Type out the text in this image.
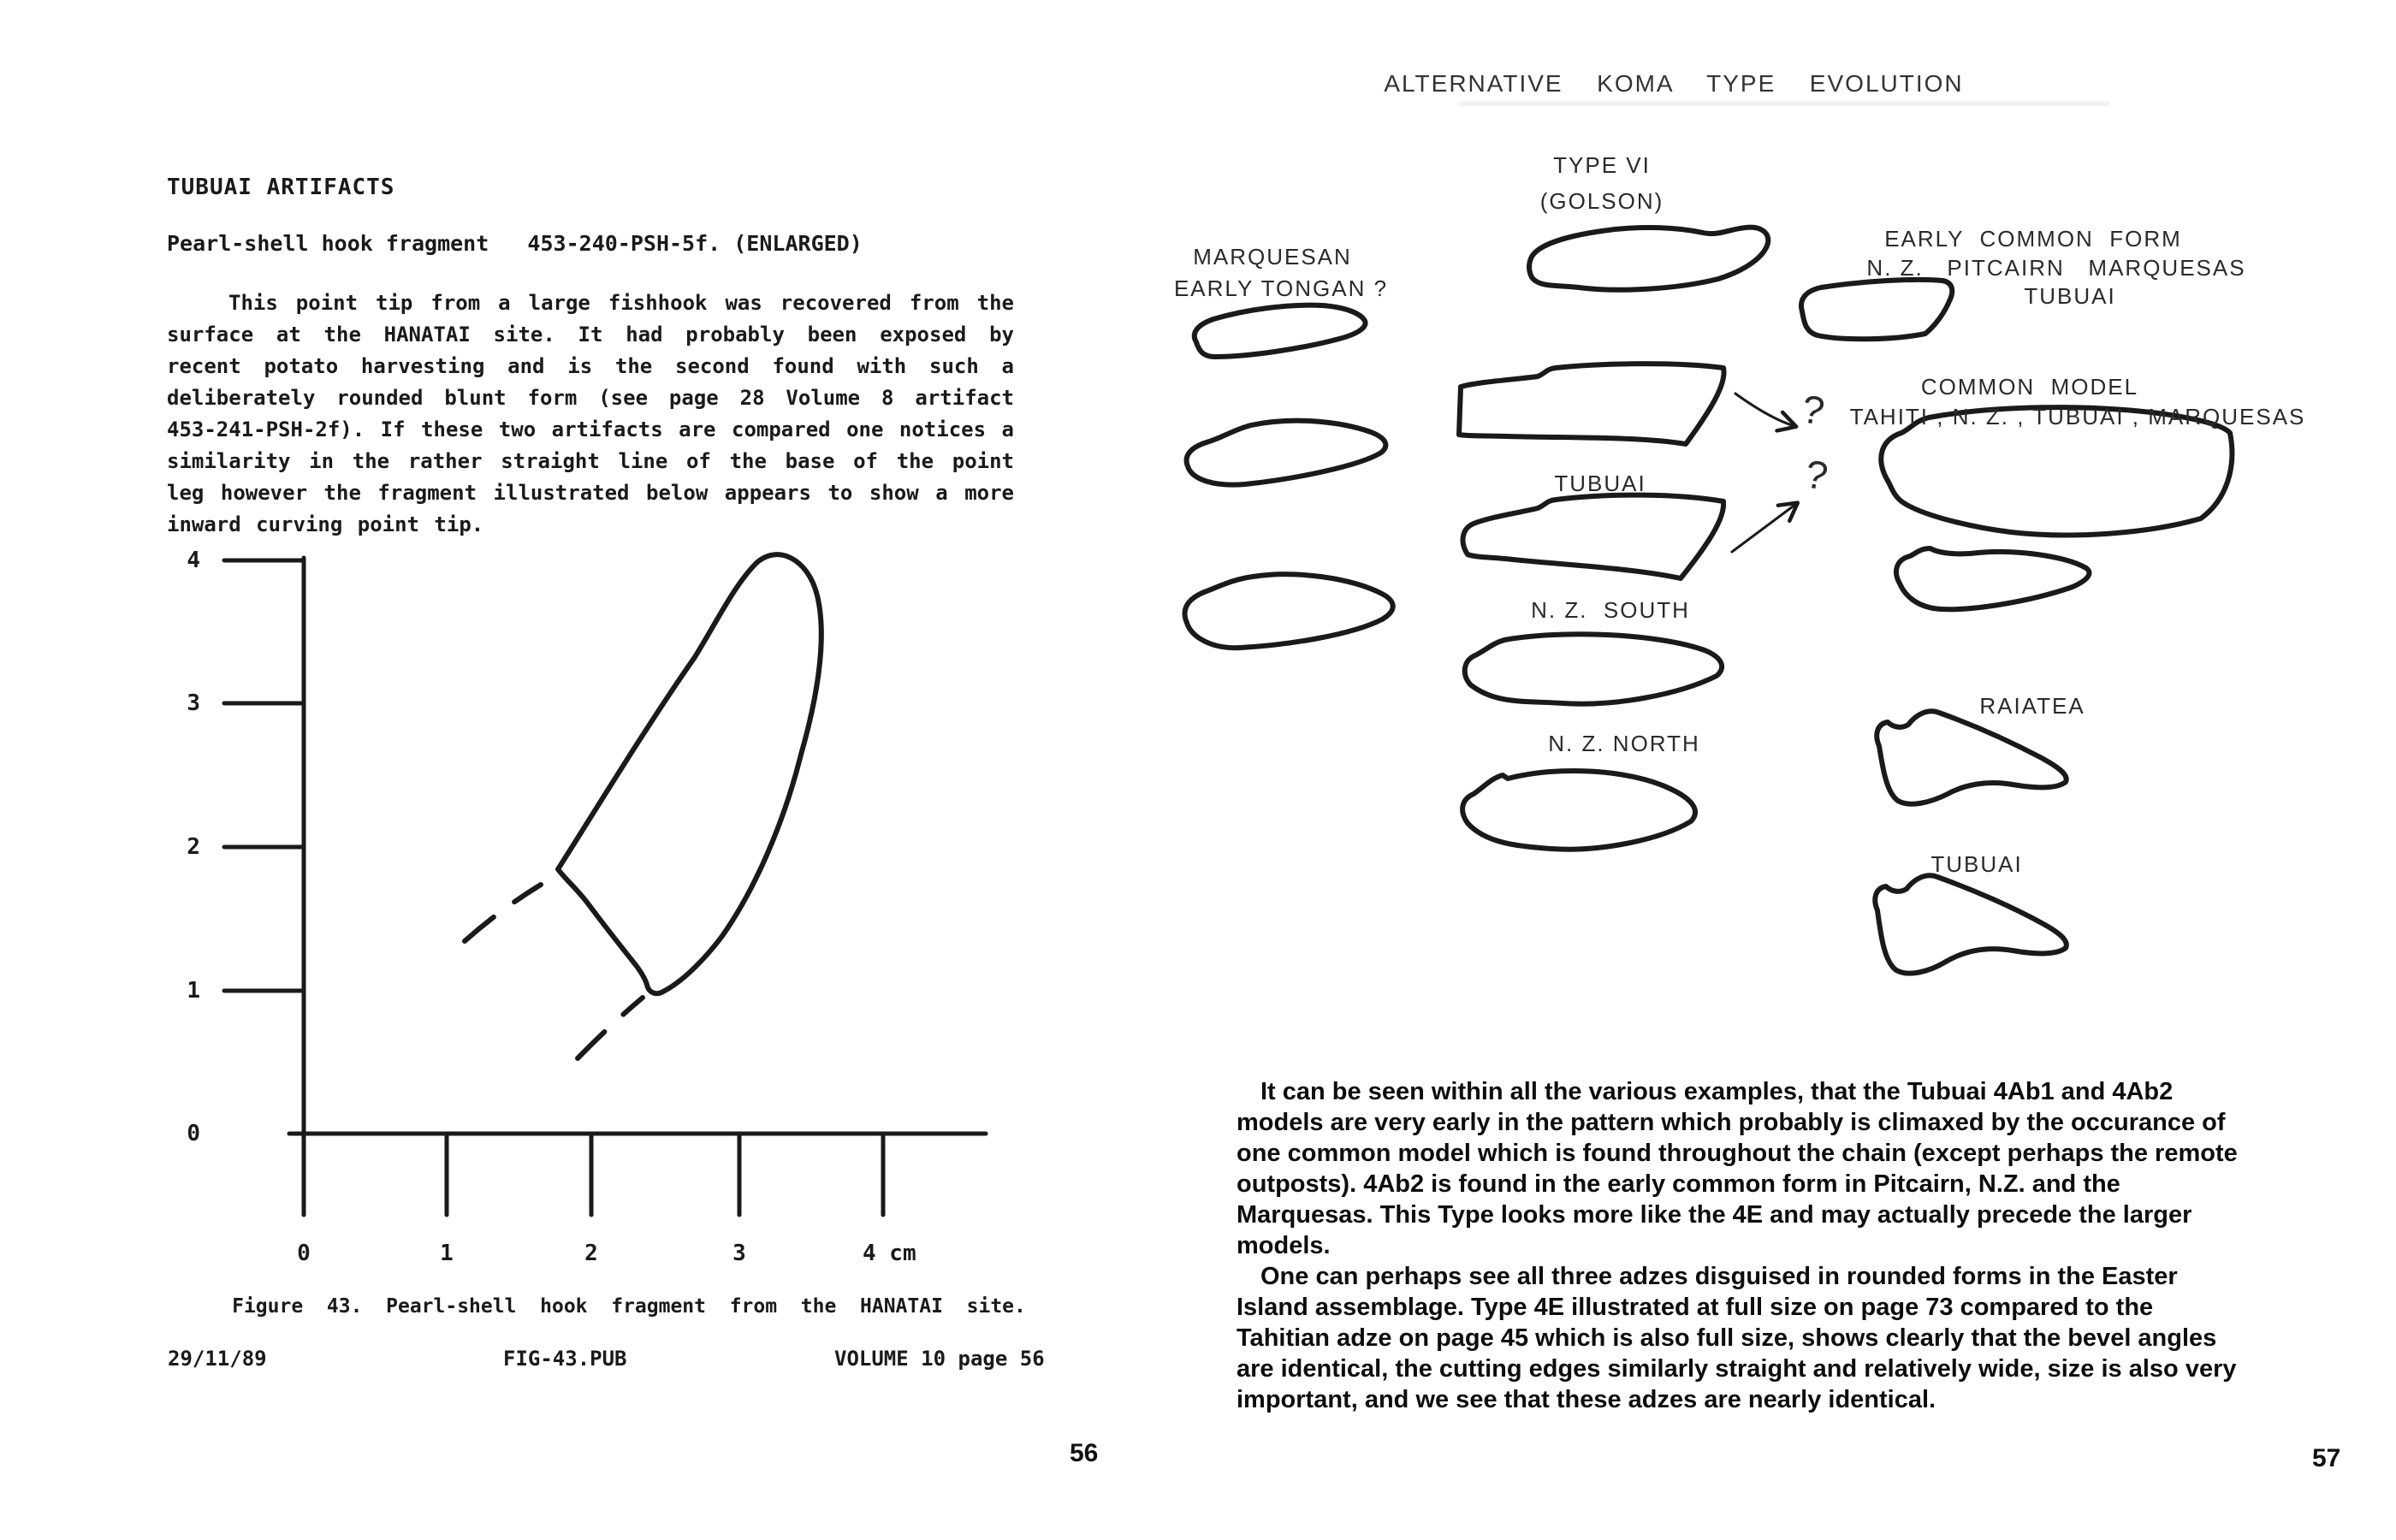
TUBUAI ARTIFACTS
Pearl-shell hook fragment   453-240-PSH-5f. (ENLARGED)
This point tip from a large fishhook was recovered from the surface at the HANATAI site. It had probably been exposed by recent potato harvesting and is the second found with such a deliberately rounded blunt form (see page 28 Volume 8 artifact 453-241-PSH-2f). If these two artifacts are compared one notices a similarity in the rather straight line of the base of the point leg however the fragment illustrated below appears to show a more inward curving point tip.
4
3
2
1
0
0	1	2	3	4 cm
Figure  43.  Pearl-shell  hook  fragment  from  the  HANATAI  site.
29/11/89	FIG-43.PUB	VOLUME 10 page 56
56
ALTERNATIVE  KOMA  TYPE  EVOLUTION
TYPE VI
(GOLSON)
MARQUESAN
EARLY TONGAN ?
EARLY  COMMON  FORM
N. Z.   PITCAIRN   MARQUESAS
TUBUAI
COMMON  MODEL
TAHITI , N. Z. , TUBUAI , MARQUESAS
TUBUAI
N. Z.  SOUTH
N. Z. NORTH
RAIATEA
TUBUAI
?
?

It can be seen within all the various examples, that the Tubuai 4Ab1 and 4Ab2 models are very early in the pattern which probably is climaxed by the occurance of one common model which is found throughout the chain (except perhaps the remote outposts). 4Ab2 is found in the early common form in Pitcairn, N.Z. and the Marquesas. This Type looks more like the 4E and may actually precede the larger models.

One can perhaps see all three adzes disguised in rounded forms in the Easter Island assemblage. Type 4E illustrated at full size on page 73 compared to the Tahitian adze on page 45 which is also full size, shows clearly that the bevel angles are identical, the cutting edges similarly straight and relatively wide, size is also very important, and we see that these adzes are nearly identical.

57
